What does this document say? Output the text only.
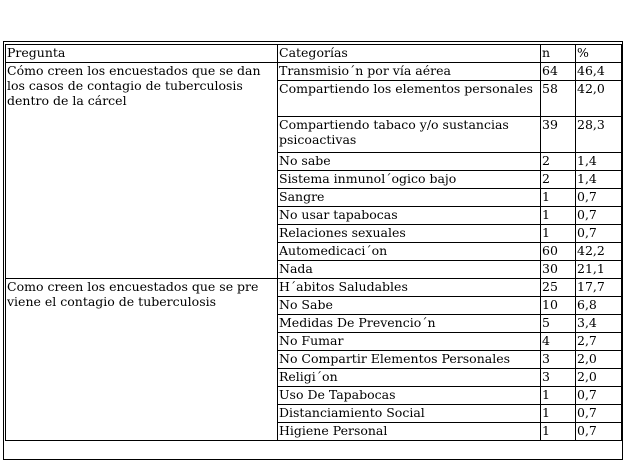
Pregunta	Categorías	n	%
Cómo creen los encuestados que se dan los casos de contagio de tuberculosis dentro de la cárcel	Transmisio´n por vía aérea	64	46,4
	Compartiendo los elementos personales	58	42,0
	Compartiendo tabaco y/o sustancias psicoactivas	39	28,3
	No sabe	2	1,4
	Sistema inmunol´ogico bajo	2	1,4
	Sangre	1	0,7
	No usar tapabocas	1	0,7
	Relaciones sexuales	1	0,7
	Automedicaci´on	60	42,2
	Nada	30	21,1
Como creen los encuestados que se pre viene el contagio de tuberculosis	H´abitos Saludables	25	17,7
	No Sabe	10	6,8
	Medidas De Prevencio´n	5	3,4
	No Fumar	4	2,7
	No Compartir Elementos Personales	3	2,0
	Religi´on	3	2,0
	Uso De Tapabocas	1	0,7
	Distanciamiento Social	1	0,7
	Higiene Personal	1	0,7
